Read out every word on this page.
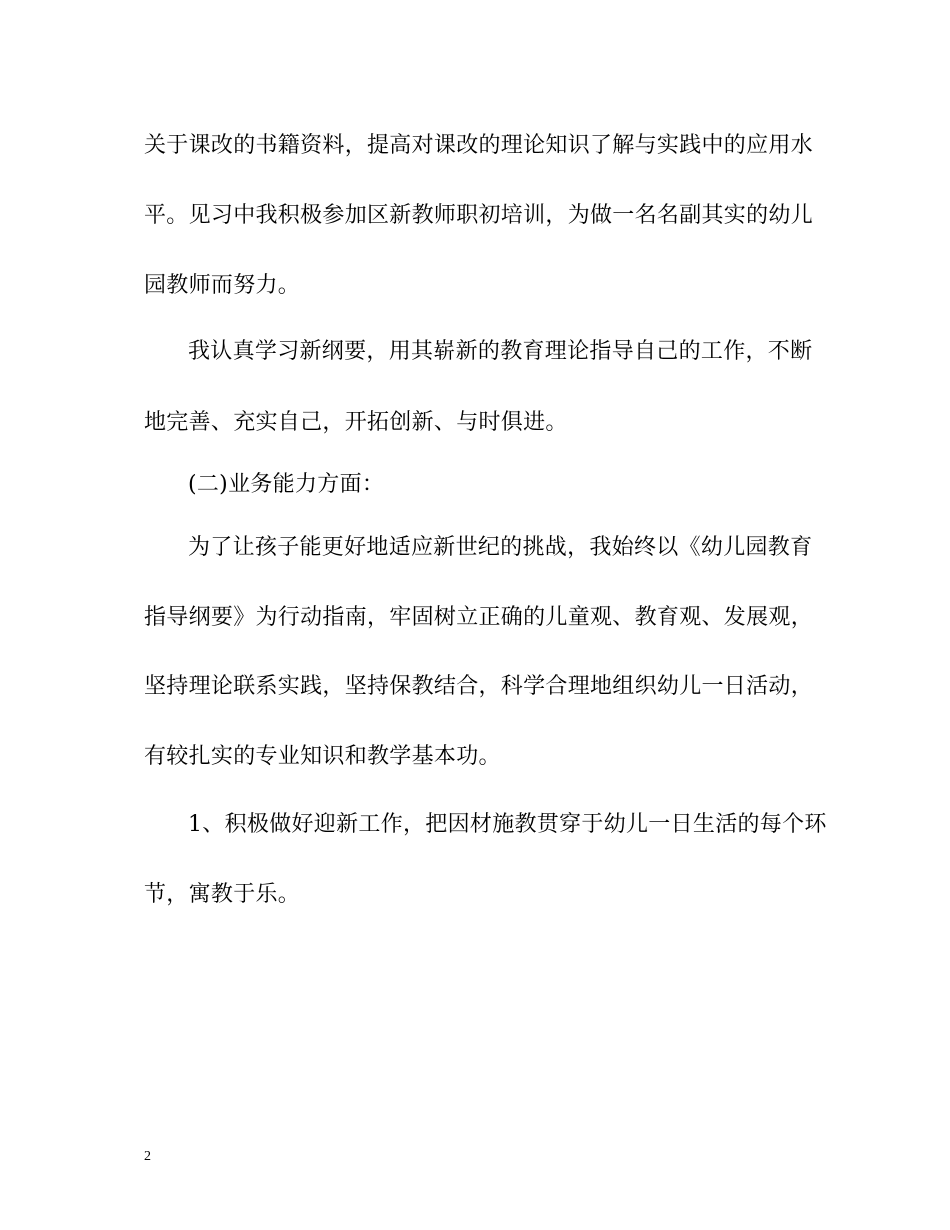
关于课改的书籍资料，提高对课改的理论知识了解与实践中的应用水
平。见习中我积极参加区新教师职初培训，为做一名名副其实的幼儿
园教师而努力。
我认真学习新纲要，用其崭新的教育理论指导自己的工作，不断
地完善、充实自己，开拓创新、与时俱进。
(二)业务能力方面：
为了让孩子能更好地适应新世纪的挑战，我始终以《幼儿园教育
指导纲要》为行动指南，牢固树立正确的儿童观、教育观、发展观，
坚持理论联系实践，坚持保教结合，科学合理地组织幼儿一日活动，
有较扎实的专业知识和教学基本功。
1、积极做好迎新工作，把因材施教贯穿于幼儿一日生活的每个环
节，寓教于乐。
2
